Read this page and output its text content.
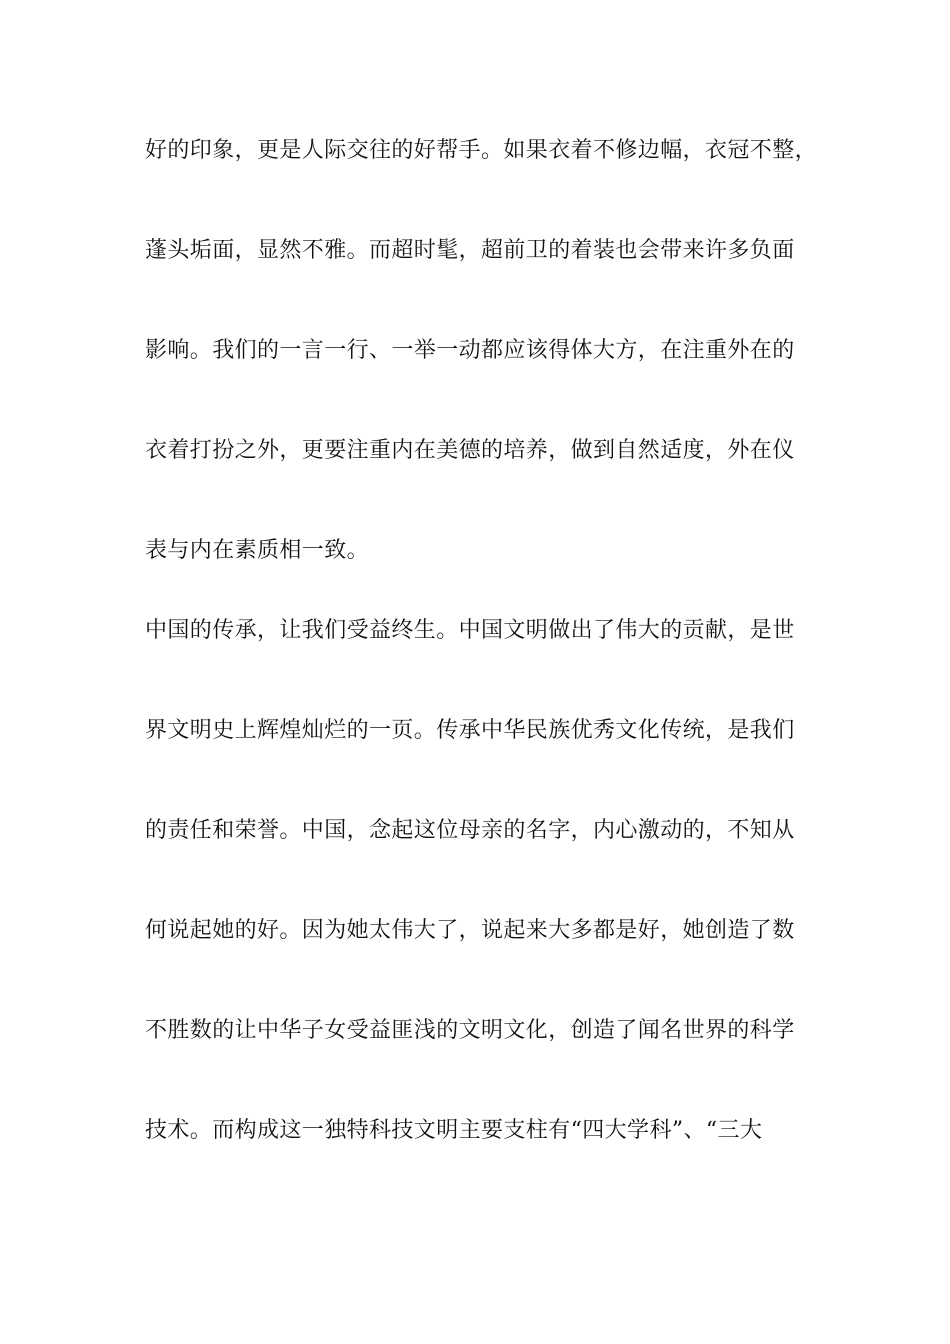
好的印象，更是人际交往的好帮手。如果衣着不修边幅，衣冠不整，
蓬头垢面，显然不雅。而超时髦，超前卫的着装也会带来许多负面
影响。我们的一言一行、一举一动都应该得体大方，在注重外在的
衣着打扮之外，更要注重内在美德的培养，做到自然适度，外在仪
表与内在素质相一致。
中国的传承，让我们受益终生。中国文明做出了伟大的贡献，是世
界文明史上辉煌灿烂的一页。传承中华民族优秀文化传统，是我们
的责任和荣誉。中国，念起这位母亲的名字，内心激动的，不知从
何说起她的好。因为她太伟大了，说起来大多都是好，她创造了数
不胜数的让中华子女受益匪浅的文明文化，创造了闻名世界的科学
技术。而构成这一独特科技文明主要支柱有“四大学科”、“三大
